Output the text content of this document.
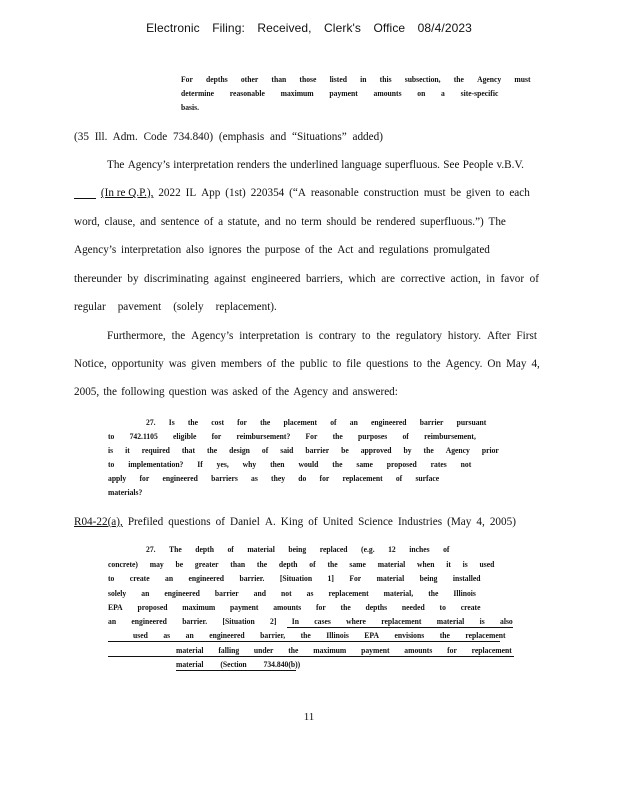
Electronic Filing: Received, Clerk's Office 08/4/2023
For depths other than those listed in this subsection, the Agency must
determine reasonable maximum payment amounts on a site-specific
basis.
(35 Ill. Adm. Code 734.840) (emphasis and “Situations” added)
The Agency’s interpretation renders the underlined language superfluous. See People v.B.V.
(In re Q.P.), 2022 IL App (1st) 220354 (“A reasonable construction must be given to each
word, clause, and sentence of a statute, and no term should be rendered superfluous.”) The
Agency’s interpretation also ignores the purpose of the Act and regulations promulgated
thereunder by discriminating against engineered barriers, which are corrective action, in favor of
regular pavement (solely replacement).
Furthermore, the Agency’s interpretation is contrary to the regulatory history. After First
Notice, opportunity was given members of the public to file questions to the Agency. On May 4,
2005, the following question was asked of the Agency and answered:
27. Is the cost for the placement of an engineered barrier pursuant
to 742.1105 eligible for reimbursement? For the purposes of reimbursement,
is it required that the design of said barrier be approved by the Agency prior
to implementation? If yes, why then would the same proposed rates not
apply for engineered barriers as they do for replacement of surface
materials?
R04-22(a), Prefiled questions of Daniel A. King of United Science Industries (May 4, 2005)
27. The depth of material being replaced (e.g. 12 inches of
concrete) may be greater than the depth of the same material when it is used
to create an engineered barrier. [Situation 1] For material being installed
solely an engineered barrier and not as replacement material, the Illinois
EPA proposed maximum payment amounts for the depths needed to create
an engineered barrier. [Situation 2] In cases where replacement material is also
used as an engineered barrier, the Illinois EPA envisions the replacement
material falling under the maximum payment amounts for replacement
material (Section 734.840(b))
11
